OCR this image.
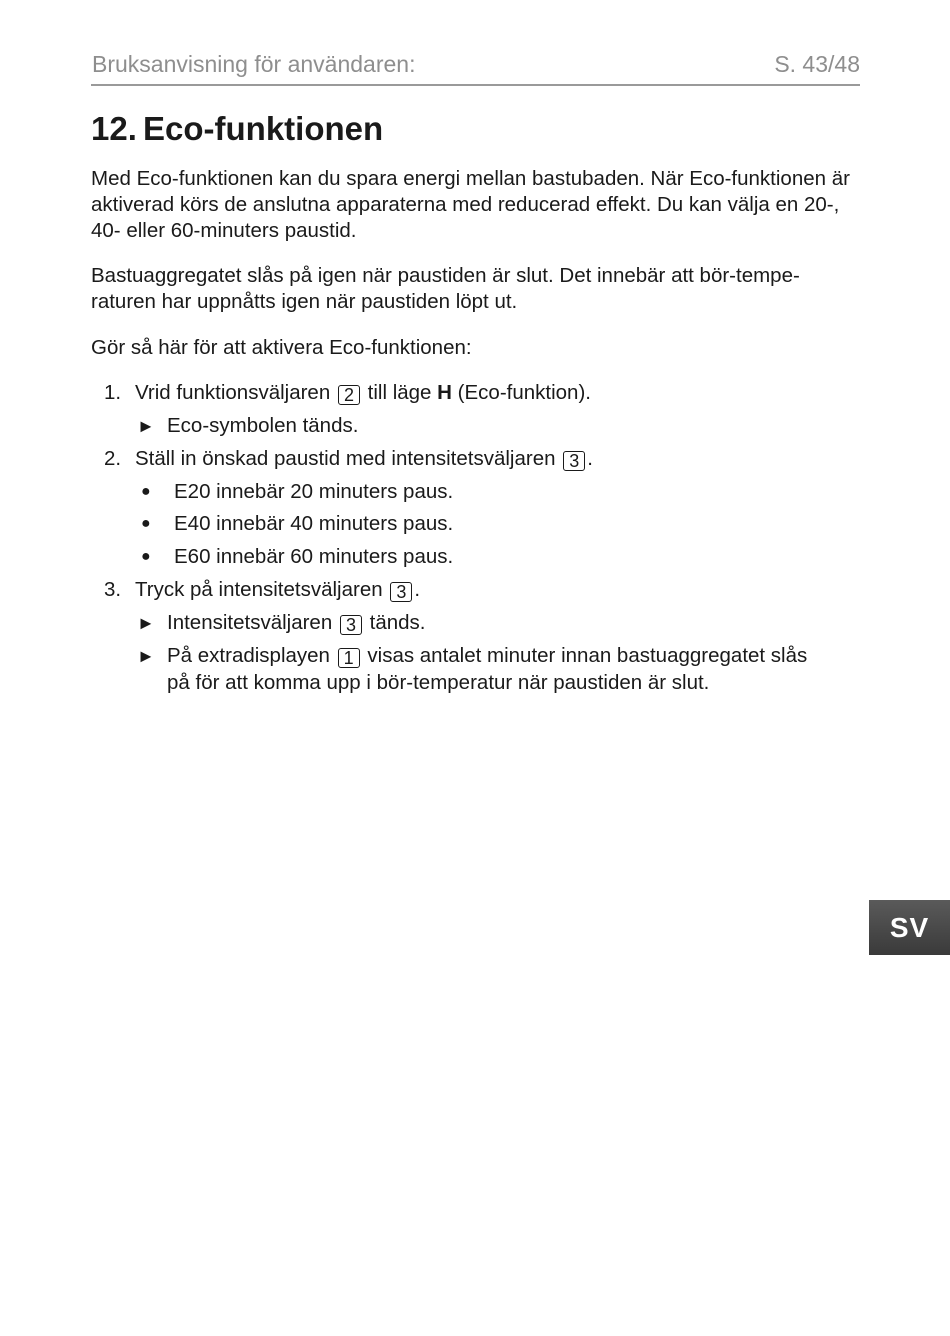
Bruksanvisning för användaren:	S. 43/48
12. Eco-funktionen

Med Eco-funktionen kan du spara energi mellan bastubaden. När Eco-funktionen är aktiverad körs de anslutna apparaterna med reducerad effekt. Du kan välja en 20-, 40- eller 60-minuters paustid.

Bastuaggregatet slås på igen när paustiden är slut. Det innebär att bör-tempe-raturen har uppnåtts igen när paustiden löpt ut.

Gör så här för att aktivera Eco-funktionen:

1. Vrid funktionsväljaren 2 till läge H (Eco-funktion).
► Eco-symbolen tänds.
2. Ställ in önskad paustid med intensitetsväljaren 3 .
● E20 innebär 20 minuters paus.
● E40 innebär 40 minuters paus.
● E60 innebär 60 minuters paus.
3. Tryck på intensitetsväljaren 3 .
► Intensitetsväljaren 3 tänds.
► På extradisplayen 1 visas antalet minuter innan bastuaggregatet slås
på för att komma upp i bör-temperatur när paustiden är slut.
SV
